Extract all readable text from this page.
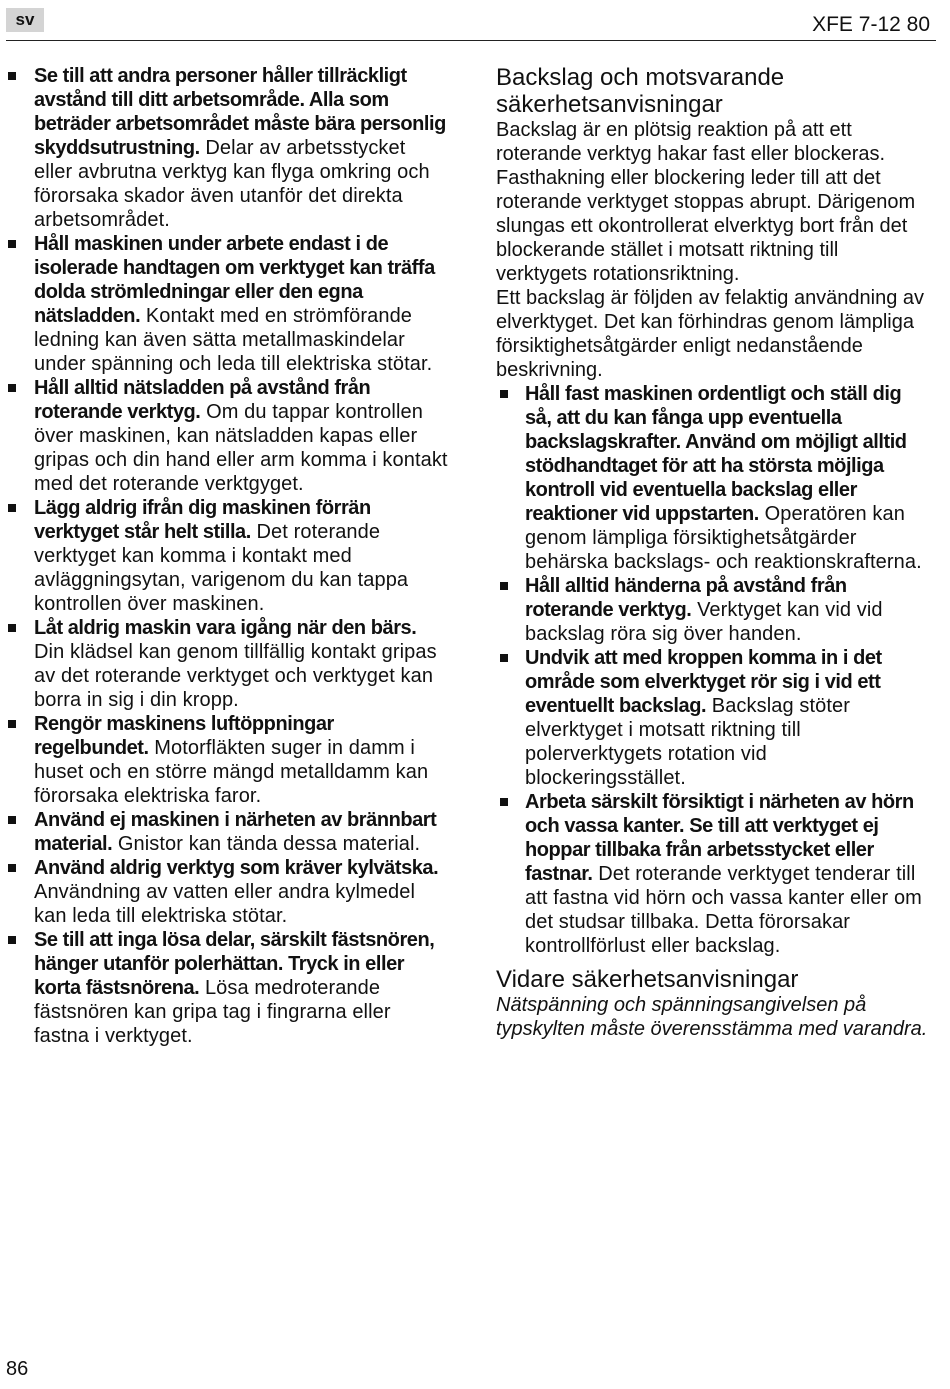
sv	XFE 7-12 80
Se till att andra personer håller tillräckligt avstånd till ditt arbetsområde. Alla som beträder arbetsområdet måste bära personlig skyddsutrustning. Delar av arbetsstycket eller avbrutna verktyg kan flyga omkring och förorsaka skador även utanför det direkta arbetsområdet.
Håll maskinen under arbete endast i de isolerade handtagen om verktyget kan träffa dolda strömledningar eller den egna nätsladden. Kontakt med en strömförande ledning kan även sätta metallmaskindelar under spänning och leda till elektriska stötar.
Håll alltid nätsladden på avstånd från roterande verktyg. Om du tappar kontrollen över maskinen, kan nätsladden kapas eller gripas och din hand eller arm komma i kontakt med det roterande verktgyget.
Lägg aldrig ifrån dig maskinen förrän verktyget står helt stilla. Det roterande verktyget kan komma i kontakt med avläggningsytan, varigenom du kan tappa kontrollen över maskinen.
Låt aldrig maskin vara igång när den bärs. Din klädsel kan genom tillfällig kontakt gripas av det roterande verktyget och verktyget kan borra in sig i din kropp.
Rengör maskinens luftöppningar regelbundet. Motorfläkten suger in damm i huset och en större mängd metalldamm kan förorsaka elektriska faror.
Använd ej maskinen i närheten av brännbart material. Gnistor kan tända dessa material.
Använd aldrig verktyg som kräver kylvätska. Användning av vatten eller andra kylmedel kan leda till elektriska stötar.
Se till att inga lösa delar, särskilt fästsnören, hänger utanför polerhättan. Tryck in eller korta fästsnörena. Lösa medroterande fästsnören kan gripa tag i fingrarna eller fastna i verktyget.
Backslag och motsvarande säkerhetsanvisningar

Backslag är en plötsig reaktion på att ett roterande verktyg hakar fast eller blockeras. Fasthakning eller blockering leder till att det roterande verktyget stoppas abrupt. Därigenom slungas ett okontrollerat elverktyg bort från det blockerande stället i motsatt riktning till verktygets rotationsriktning.

Ett backslag är följden av felaktig användning av elverktyget. Det kan förhindras genom lämpliga försiktighetsåtgärder enligt nedanstående beskrivning.

Håll fast maskinen ordentligt och ställ dig så, att du kan fånga upp eventuella backslagskrafter. Använd om möjligt alltid stödhandtaget för att ha största möjliga kontroll vid eventuella backslag eller reaktioner vid uppstarten. Operatören kan genom lämpliga försiktighetsåtgärder behärska backslags- och reaktionskrafterna.
Håll alltid händerna på avstånd från roterande verktyg. Verktyget kan vid vid backslag röra sig över handen.
Undvik att med kroppen komma in i det område som elverktyget rör sig i vid ett eventuellt backslag. Backslag stöter elverktyget i motsatt riktning till polerverktygets rotation vid blockeringsstället.
Arbeta särskilt försiktigt i närheten av hörn och vassa kanter. Se till att verktyget ej hoppar tillbaka från arbetsstycket eller fastnar. Det roterande verktyget tenderar till att fastna vid hörn och vassa kanter eller om det studsar tillbaka. Detta förorsakar kontrollförlust eller backslag.
Vidare säkerhetsanvisningar

Nätspänning och spänningsangivelsen på typskylten måste överensstämma med varandra.

86
